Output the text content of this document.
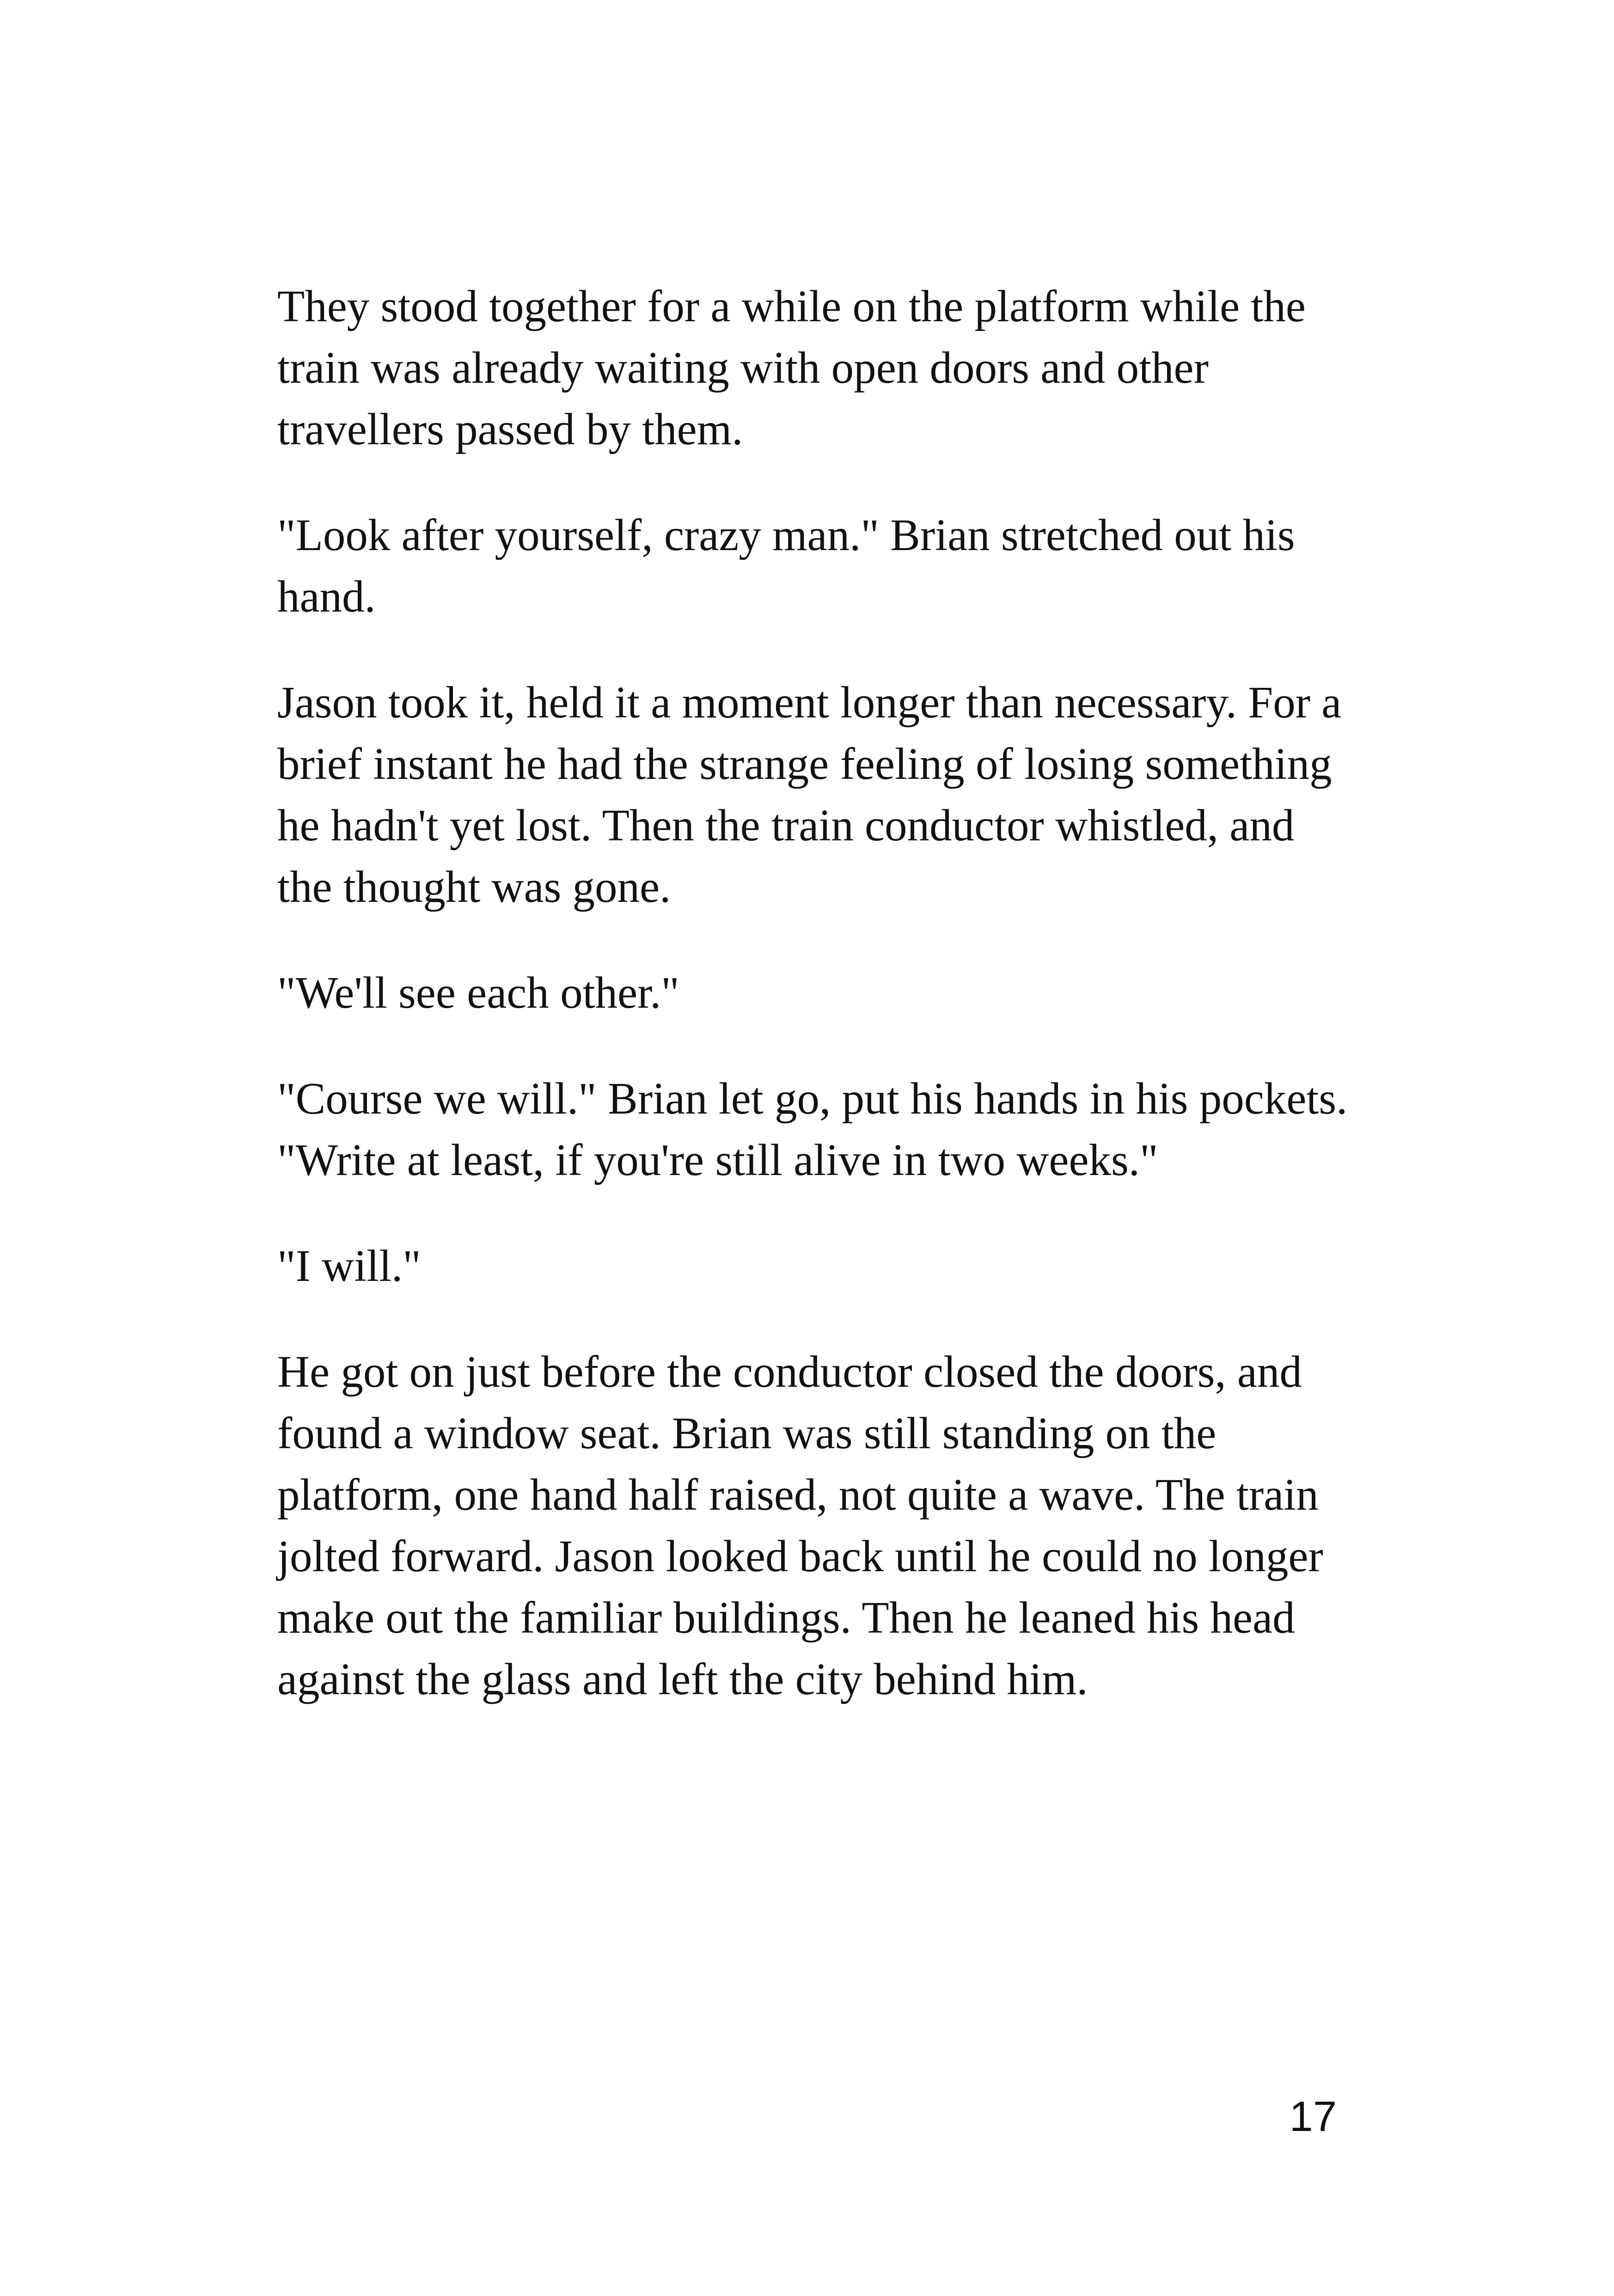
They stood together for a while on the platform while the train was already waiting with open doors and other travellers passed by them.

"Look after yourself, crazy man." Brian stretched out his hand.

Jason took it, held it a moment longer than necessary. For a brief instant he had the strange feeling of losing something he hadn't yet lost. Then the train conductor whistled, and the thought was gone.

"We'll see each other."

"Course we will." Brian let go, put his hands in his pockets. "Write at least, if you're still alive in two weeks."

"I will."

He got on just before the conductor closed the doors, and found a window seat. Brian was still standing on the platform, one hand half raised, not quite a wave. The train jolted forward. Jason looked back until he could no longer make out the familiar buildings. Then he leaned his head against the glass and left the city behind him.

17
